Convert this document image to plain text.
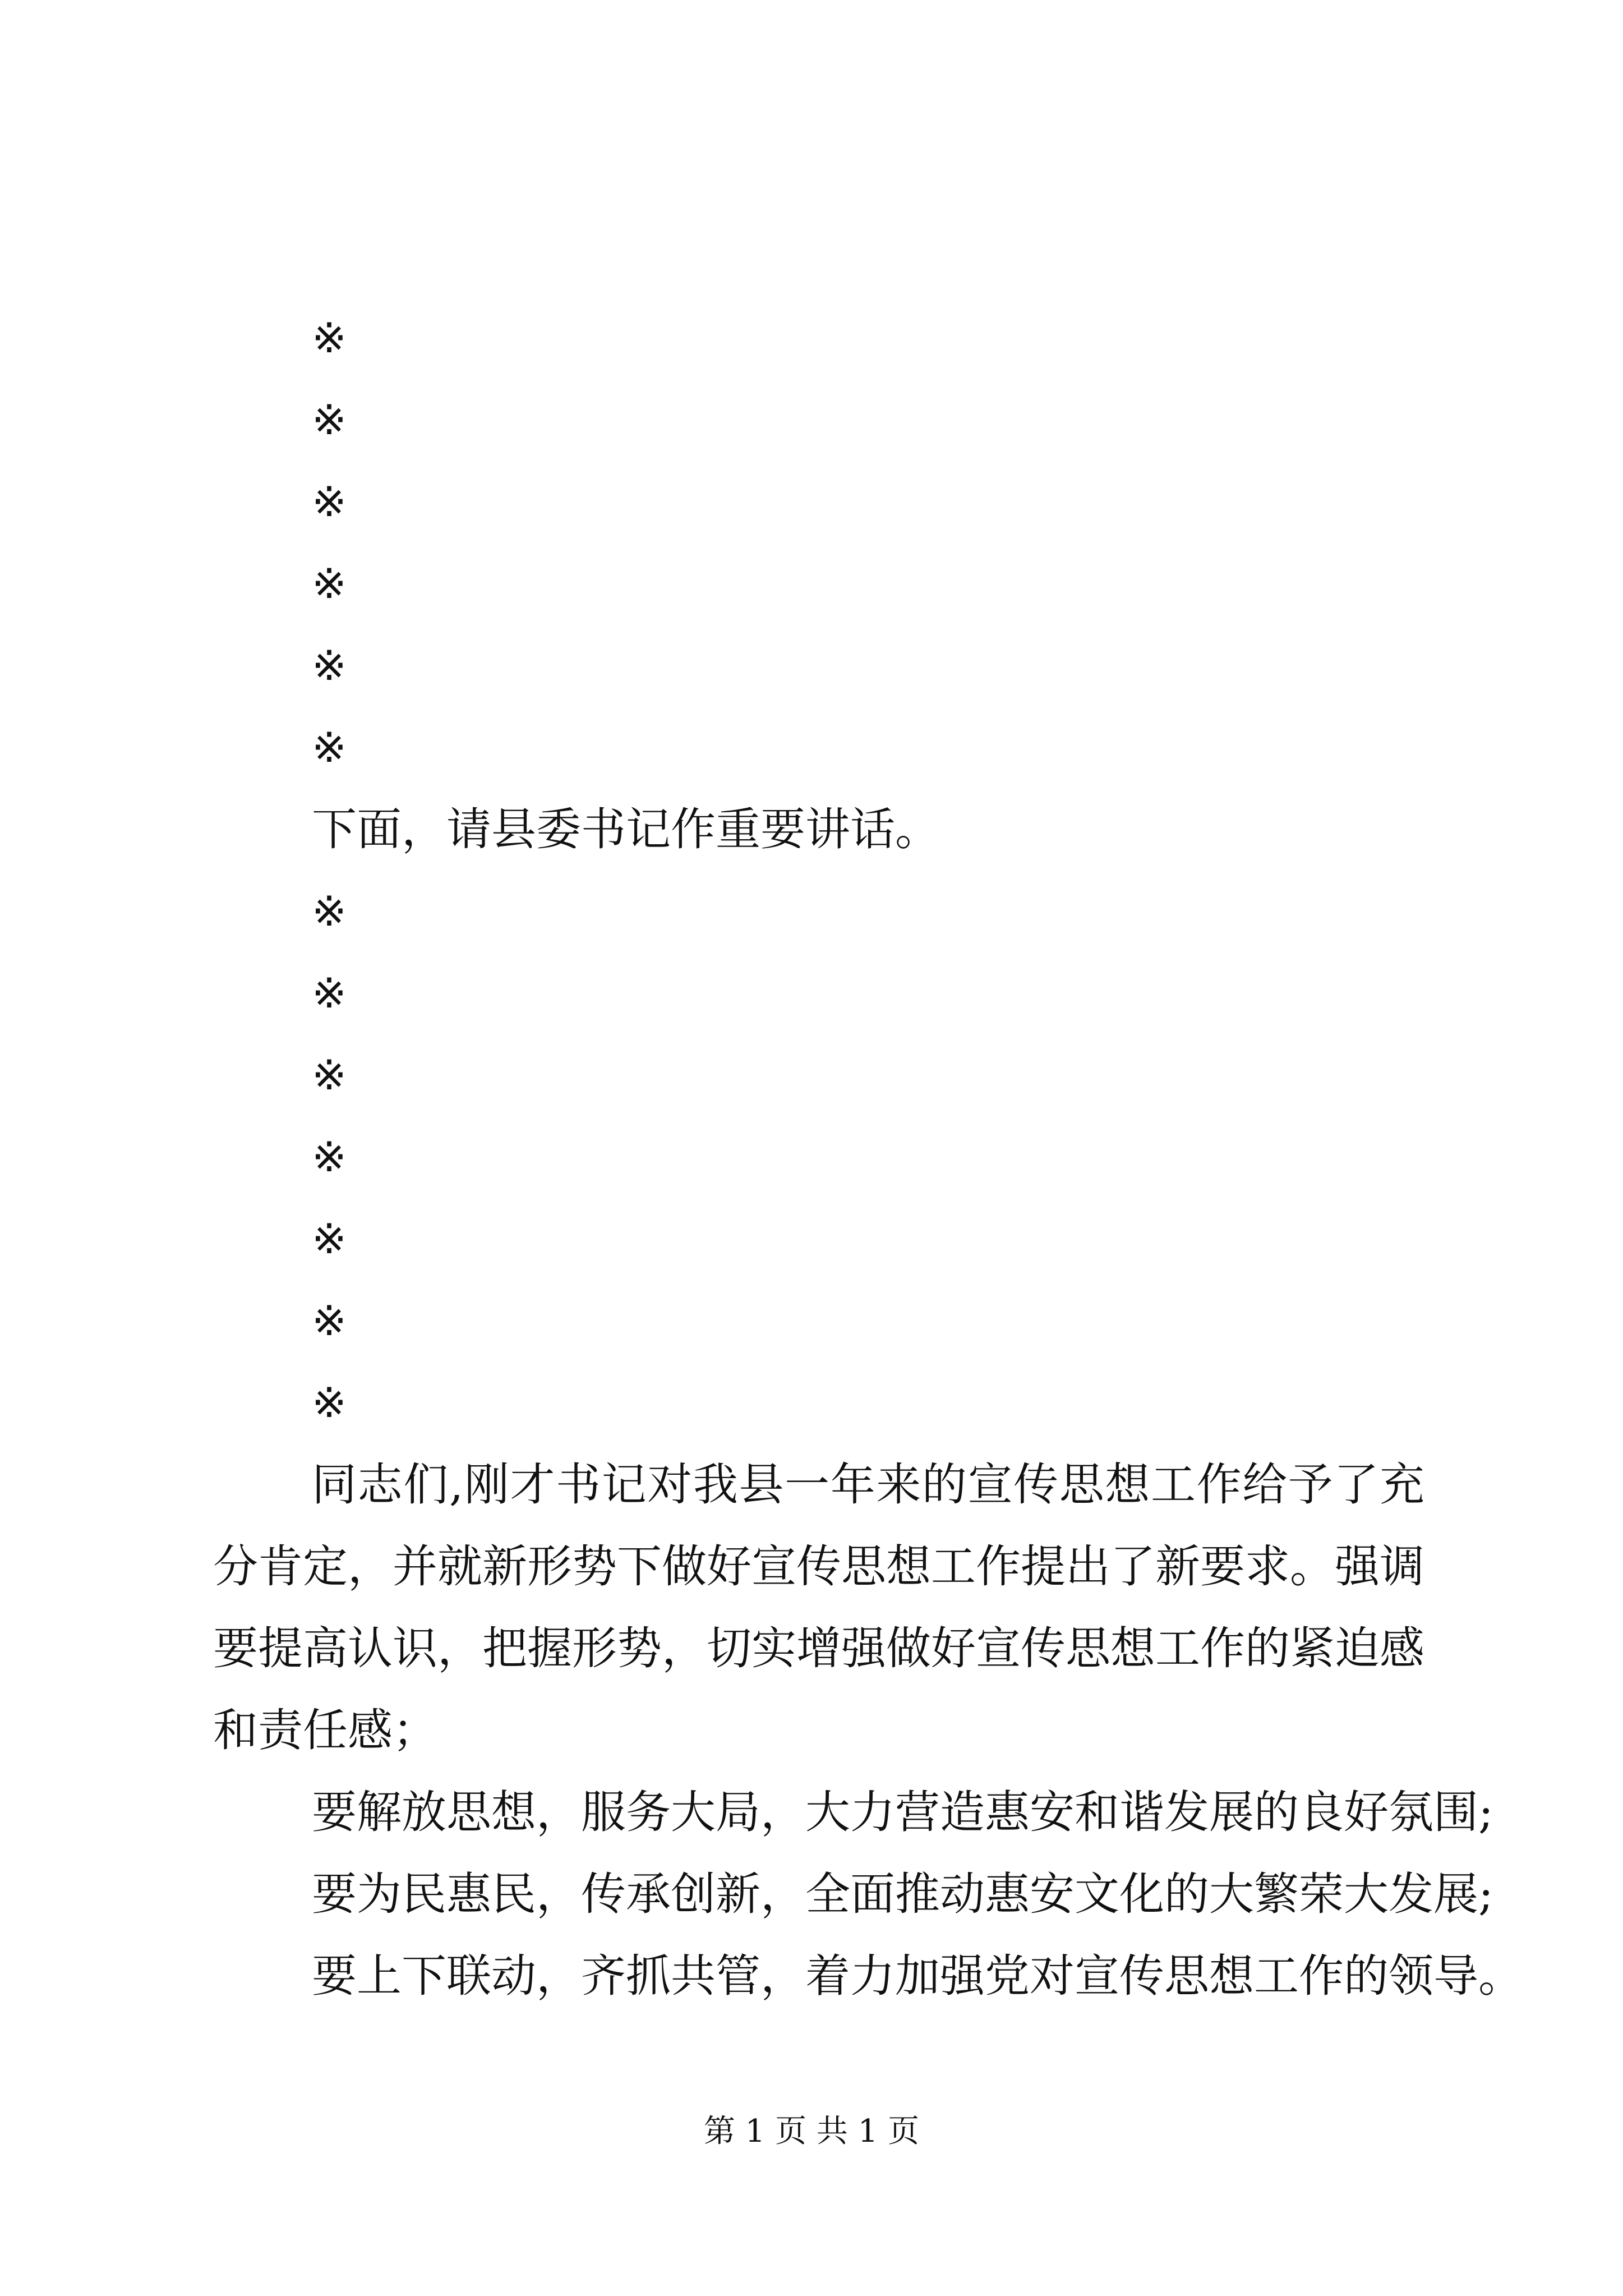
※
※
※
※
※
※
下面，请县委书记作重要讲话。
※
※
※
※
※
※
※

同志们,刚才书记对我县一年来的宣传思想工作给予了充分肯定，并就新形势下做好宣传思想工作提出了新要求。强调要提高认识，把握形势，切实增强做好宣传思想工作的紧迫感和责任感；

要解放思想，服务大局，大力营造惠安和谐发展的良好氛围;
要为民惠民，传承创新，全面推动惠安文化的大繁荣大发展;
要上下联动，齐抓共管，着力加强党对宣传思想工作的领导。
第 1 页 共 1 页
